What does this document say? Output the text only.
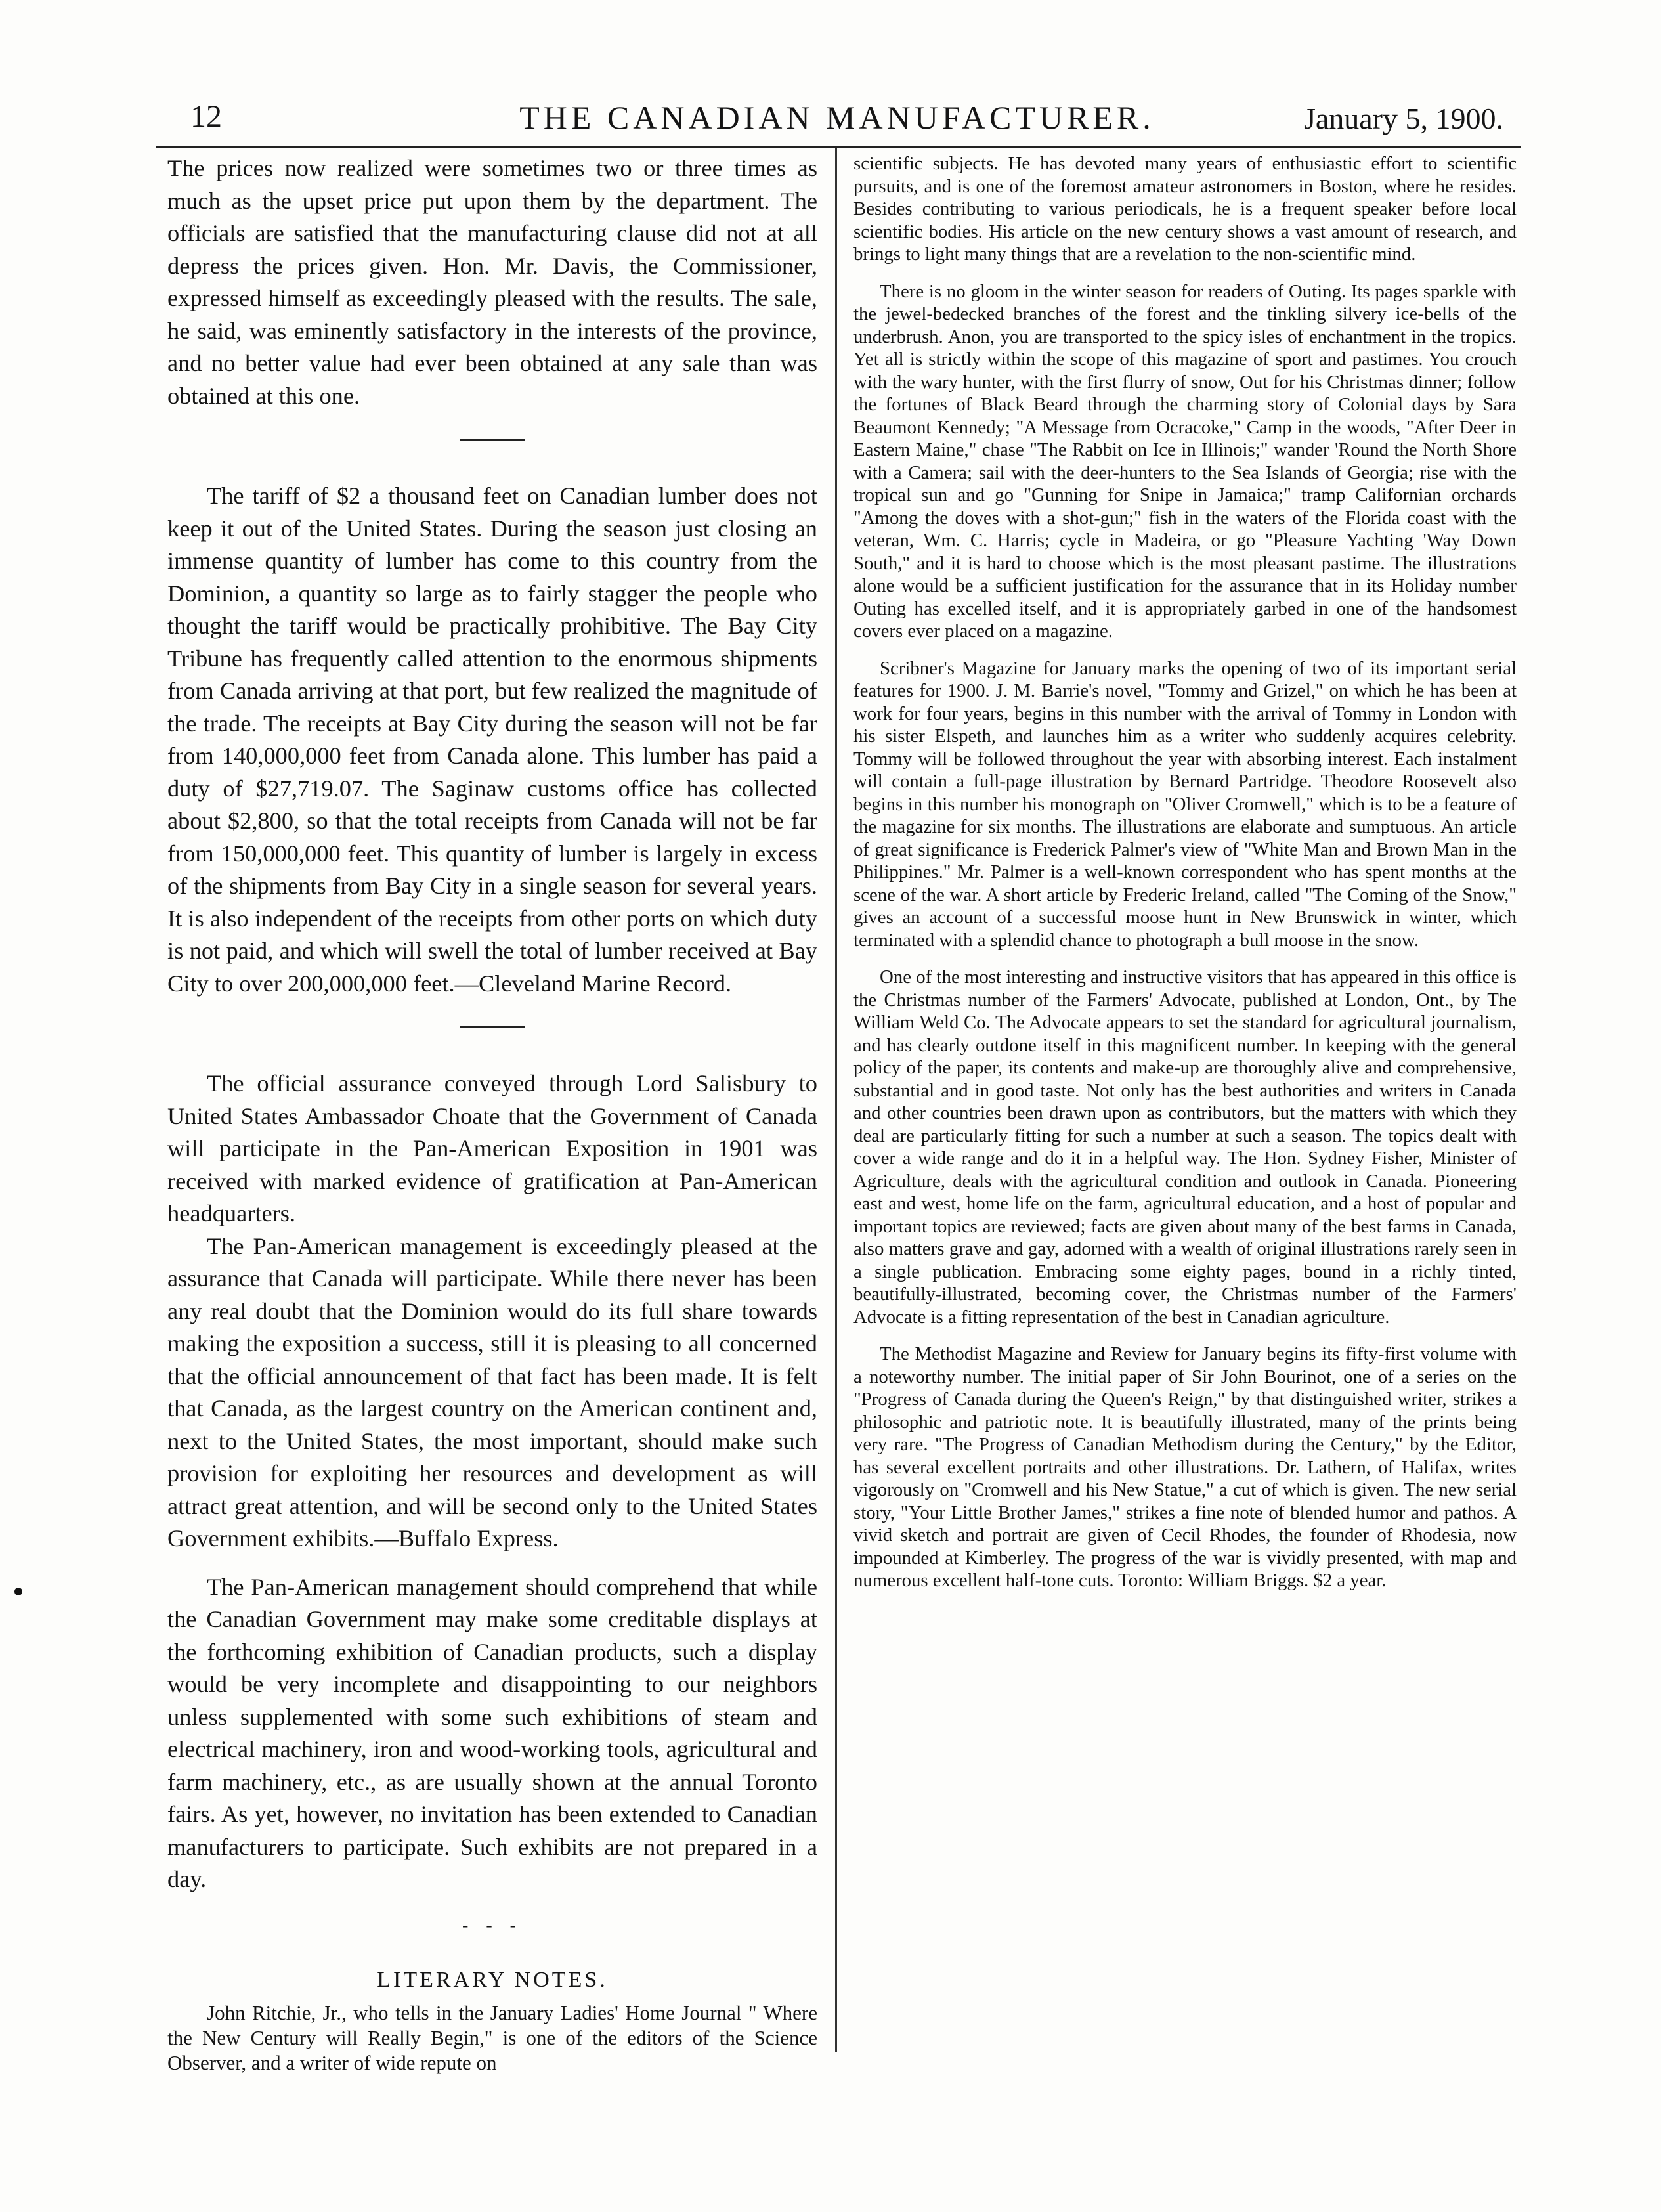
12	THE CANADIAN MANUFACTURER.	January 5, 1900.

The prices now realized were sometimes two or three times as much as the upset price put upon them by the department. The officials are satisfied that the manufacturing clause did not at all depress the prices given. Hon. Mr. Davis, the Commissioner, expressed himself as exceedingly pleased with the results. The sale, he said, was eminently satisfactory in the interests of the province, and no better value had ever been obtained at any sale than was obtained at this one.

The tariff of $2 a thousand feet on Canadian lumber does not keep it out of the United States. During the season just closing an immense quantity of lumber has come to this country from the Dominion, a quantity so large as to fairly stagger the people who thought the tariff would be practically prohibitive. The Bay City Tribune has frequently called attention to the enormous shipments from Canada arriving at that port, but few realized the magnitude of the trade. The receipts at Bay City during the season will not be far from 140,000,000 feet from Canada alone. This lumber has paid a duty of $27,719.07. The Saginaw customs office has collected about $2,800, so that the total receipts from Canada will not be far from 150,000,000 feet. This quantity of lumber is largely in excess of the shipments from Bay City in a single season for several years. It is also independent of the receipts from other ports on which duty is not paid, and which will swell the total of lumber received at Bay City to over 200,000,000 feet.—Cleveland Marine Record.

The official assurance conveyed through Lord Salisbury to United States Ambassador Choate that the Government of Canada will participate in the Pan-American Exposition in 1901 was received with marked evidence of gratification at Pan-American headquarters.

The Pan-American management is exceedingly pleased at the assurance that Canada will participate. While there never has been any real doubt that the Dominion would do its full share towards making the exposition a success, still it is pleasing to all concerned that the official announcement of that fact has been made. It is felt that Canada, as the largest country on the American continent and, next to the United States, the most important, should make such provision for exploiting her resources and development as will attract great attention, and will be second only to the United States Government exhibits.—Buffalo Express.

The Pan-American management should comprehend that while the Canadian Government may make some creditable displays at the forthcoming exhibition of Canadian products, such a display would be very incomplete and disappointing to our neighbors unless supplemented with some such exhibitions of steam and electrical machinery, iron and wood-working tools, agricultural and farm machinery, etc., as are usually shown at the annual Toronto fairs. As yet, however, no invitation has been extended to Canadian manufacturers to participate. Such exhibits are not prepared in a day.

- - -
LITERARY NOTES.

John Ritchie, Jr., who tells in the January Ladies' Home Journal " Where the New Century will Really Begin," is one of the editors of the Science Observer, and a writer of wide repute on

scientific subjects. He has devoted many years of enthusiastic effort to scientific pursuits, and is one of the foremost amateur astronomers in Boston, where he resides. Besides contributing to various periodicals, he is a frequent speaker before local scientific bodies. His article on the new century shows a vast amount of research, and brings to light many things that are a revelation to the non-scientific mind.

There is no gloom in the winter season for readers of Outing. Its pages sparkle with the jewel-bedecked branches of the forest and the tinkling silvery ice-bells of the underbrush. Anon, you are transported to the spicy isles of enchantment in the tropics. Yet all is strictly within the scope of this magazine of sport and pastimes. You crouch with the wary hunter, with the first flurry of snow, Out for his Christmas dinner; follow the fortunes of Black Beard through the charming story of Colonial days by Sara Beaumont Kennedy; "A Message from Ocracoke," Camp in the woods, "After Deer in Eastern Maine," chase "The Rabbit on Ice in Illinois;" wander 'Round the North Shore with a Camera; sail with the deer-hunters to the Sea Islands of Georgia; rise with the tropical sun and go "Gunning for Snipe in Jamaica;" tramp Californian orchards "Among the doves with a shot-gun;" fish in the waters of the Florida coast with the veteran, Wm. C. Harris; cycle in Madeira, or go "Pleasure Yachting 'Way Down South," and it is hard to choose which is the most pleasant pastime. The illustrations alone would be a sufficient justification for the assurance that in its Holiday number Outing has excelled itself, and it is appropriately garbed in one of the handsomest covers ever placed on a magazine.

Scribner's Magazine for January marks the opening of two of its important serial features for 1900. J. M. Barrie's novel, "Tommy and Grizel," on which he has been at work for four years, begins in this number with the arrival of Tommy in London with his sister Elspeth, and launches him as a writer who suddenly acquires celebrity. Tommy will be followed throughout the year with absorbing interest. Each instalment will contain a full-page illustration by Bernard Partridge. Theodore Roosevelt also begins in this number his monograph on "Oliver Cromwell," which is to be a feature of the magazine for six months. The illustrations are elaborate and sumptuous. An article of great significance is Frederick Palmer's view of "White Man and Brown Man in the Philippines." Mr. Palmer is a well-known correspondent who has spent months at the scene of the war. A short article by Frederic Ireland, called "The Coming of the Snow," gives an account of a successful moose hunt in New Brunswick in winter, which terminated with a splendid chance to photograph a bull moose in the snow.

One of the most interesting and instructive visitors that has appeared in this office is the Christmas number of the Farmers' Advocate, published at London, Ont., by The William Weld Co. The Advocate appears to set the standard for agricultural journalism, and has clearly outdone itself in this magnificent number. In keeping with the general policy of the paper, its contents and make-up are thoroughly alive and comprehensive, substantial and in good taste. Not only has the best authorities and writers in Canada and other countries been drawn upon as contributors, but the matters with which they deal are particularly fitting for such a number at such a season. The topics dealt with cover a wide range and do it in a helpful way. The Hon. Sydney Fisher, Minister of Agriculture, deals with the agricultural condition and outlook in Canada. Pioneering east and west, home life on the farm, agricultural education, and a host of popular and important topics are reviewed; facts are given about many of the best farms in Canada, also matters grave and gay, adorned with a wealth of original illustrations rarely seen in a single publication. Embracing some eighty pages, bound in a richly tinted, beautifully-illustrated, becoming cover, the Christmas number of the Farmers' Advocate is a fitting representation of the best in Canadian agriculture.

The Methodist Magazine and Review for January begins its fifty-first volume with a noteworthy number. The initial paper of Sir John Bourinot, one of a series on the "Progress of Canada during the Queen's Reign," by that distinguished writer, strikes a philosophic and patriotic note. It is beautifully illustrated, many of the prints being very rare. "The Progress of Canadian Methodism during the Century," by the Editor, has several excellent portraits and other illustrations. Dr. Lathern, of Halifax, writes vigorously on "Cromwell and his New Statue," a cut of which is given. The new serial story, "Your Little Brother James," strikes a fine note of blended humor and pathos. A vivid sketch and portrait are given of Cecil Rhodes, the founder of Rhodesia, now impounded at Kimberley. The progress of the war is vividly presented, with map and numerous excellent half-tone cuts. Toronto: William Briggs. $2 a year.
